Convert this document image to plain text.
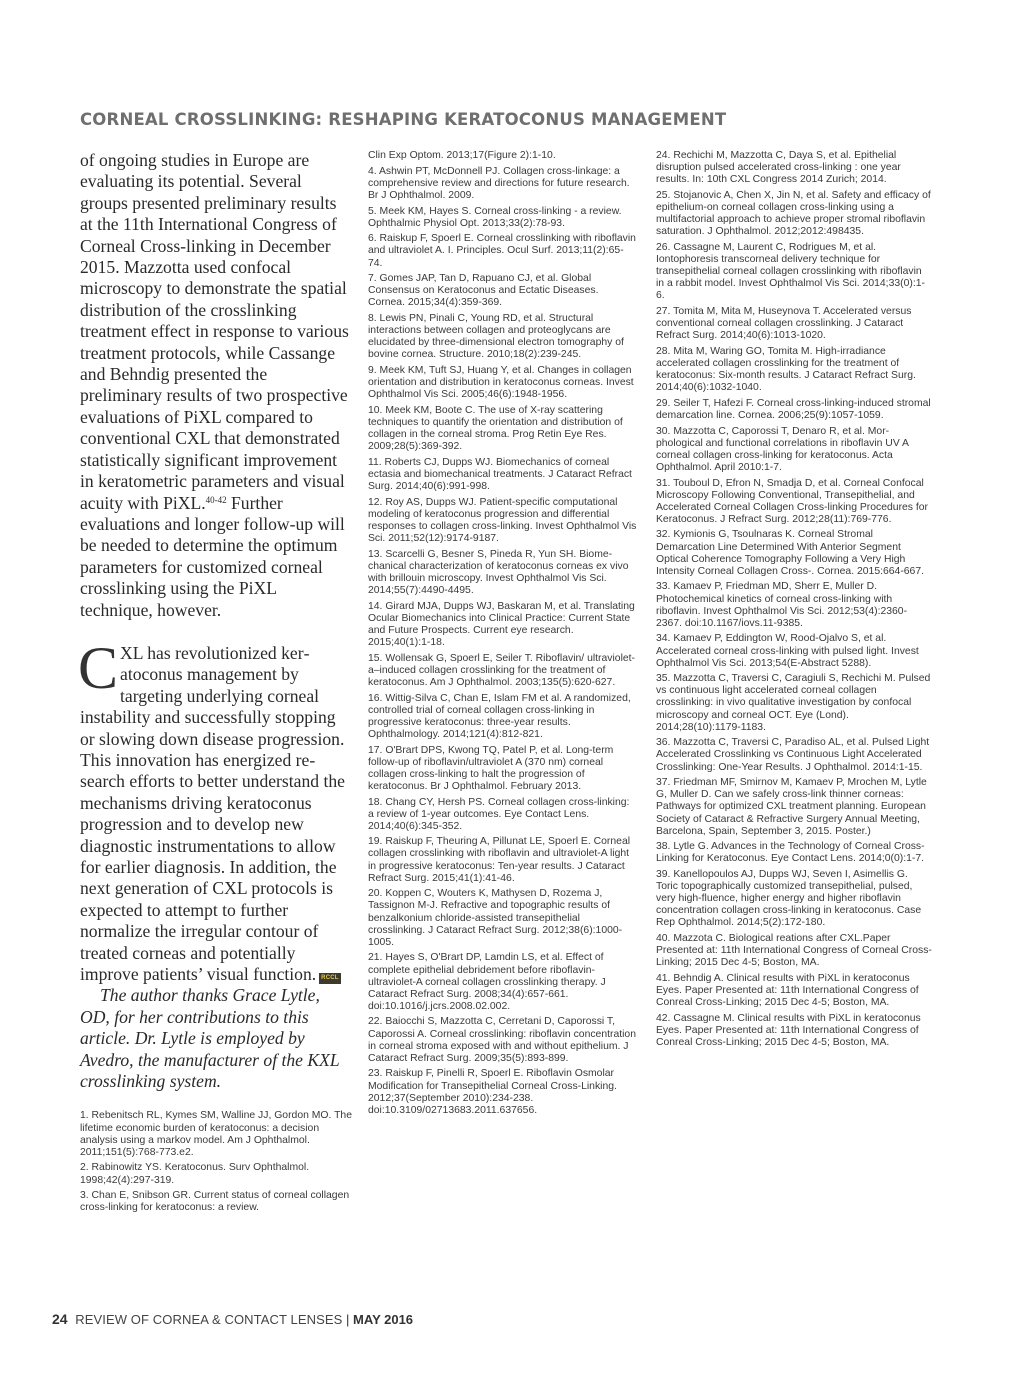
CORNEAL CROSSLINKING: RESHAPING KERATOCONUS MANAGEMENT

of ongoing studies in Europe are evaluating its potential. Several groups presented preliminary results at the 11th International Congress of Corneal Cross-linking in December 2015. Mazzotta used confocal microscopy to demonstrate the spatial distribution of the crosslinking treatment effect in response to various treatment protocols, while Cassange and Behndig presented the preliminary results of two prospective evaluations of PiXL compared to conventional CXL that demonstrated statistically significant improvement in keratometric parameters and visual acuity with PiXL.$^{40-42}$ Further evaluations and longer follow-up will be needed to determine the optimum parameters for customized corneal crosslinking using the PiXL technique, however.

CXL has revolutionized keratoconus management by targeting underlying corneal instability and successfully stopping or slowing down disease progression. This innovation has energized research efforts to better understand the mechanisms driving keratoconus progression and to develop new diagnostic instrumentations to allow for earlier diagnosis. In addition, the next generation of CXL protocols is expected to attempt to further normalize the irregular contour of treated corneas and potentially improve patients’ visual function. RCCL

The author thanks Grace Lytle, OD, for her contributions to this article. Dr. Lytle is employed by Avedro, the manufacturer of the KXL crosslinking system.

1. Rebenitsch RL, Kymes SM, Walline JJ, Gordon MO. The lifetime economic burden of keratoconus: a decision analysis using a markov model. Am J Ophthalmol. 2011;151(5):768-773.e2.

2. Rabinowitz YS. Keratoconus. Surv Ophthalmol. 1998;42(4):297-319.

3. Chan E, Snibson GR. Current status of corneal collagen cross-linking for keratoconus: a review.

Clin Exp Optom. 2013;17(Figure 2):1-10.

4. Ashwin PT, McDonnell PJ. Collagen cross-linkage: a comprehensive review and directions for future research. Br J Ophthalmol. 2009.

5. Meek KM, Hayes S. Corneal cross-linking - a review. Ophthalmic Physiol Opt. 2013;33(2):78-93.

6. Raiskup F, Spoerl E. Corneal crosslinking with riboflavin and ultraviolet A. I. Principles. Ocul Surf. 2013;11(2):65-74.

7. Gomes JAP, Tan D, Rapuano CJ, et al. Global Consensus on Keratoconus and Ectatic Diseases. Cornea. 2015;34(4):359-369.

8. Lewis PN, Pinali C, Young RD, et al. Structural interactions between collagen and proteoglycans are elucidated by three-dimensional electron tomography of bovine cornea. Structure. 2010;18(2):239-245.

9. Meek KM, Tuft SJ, Huang Y, et al. Changes in collagen orientation and distribution in keratoconus corneas. Invest Ophthalmol Vis Sci. 2005;46(6):1948-1956.

10. Meek KM, Boote C. The use of X-ray scattering techniques to quantify the orientation and distribution of collagen in the corneal stroma. Prog Retin Eye Res. 2009;28(5):369-392.

11. Roberts CJ, Dupps WJ. Biomechanics of corneal ectasia and biomechanical treatments. J Cataract Refract Surg. 2014;40(6):991-998.

12. Roy AS, Dupps WJ. Patient-specific computational modeling of keratoconus progression and differential responses to collagen cross-linking. Invest Ophthalmol Vis Sci. 2011;52(12):9174-9187.

13. Scarcelli G, Besner S, Pineda R, Yun SH. Biomechanical characterization of keratoconus corneas ex vivo with brillouin microscopy. Invest Ophthalmol Vis Sci. 2014;55(7):4490-4495.

14. Girard MJA, Dupps WJ, Baskaran M, et al. Translating Ocular Biomechanics into Clinical Practice: Current State and Future Prospects. Current eye research. 2015;40(1):1-18.

15. Wollensak G, Spoerl E, Seiler T. Riboflavin/ ultraviolet-a–induced collagen crosslinking for the treatment of keratoconus. Am J Ophthalmol. 2003;135(5):620-627.

16. Wittig-Silva C, Chan E, Islam FM et al. A randomized, controlled trial of corneal collagen cross-linking in progressive keratoconus: three-year results. Ophthalmology. 2014;121(4):812-821.

17. O'Brart DPS, Kwong TQ, Patel P, et al. Long-term follow-up of riboflavin/ultraviolet A (370 nm) corneal collagen cross-linking to halt the progression of keratoconus. Br J Ophthalmol. February 2013.

18. Chang CY, Hersh PS. Corneal collagen cross-linking: a review of 1-year outcomes. Eye Contact Lens. 2014;40(6):345-352.

19. Raiskup F, Theuring A, Pillunat LE, Spoerl E. Corneal collagen crosslinking with riboflavin and ultraviolet-A light in progressive keratoconus: Ten-year results. J Cataract Refract Surg. 2015;41(1):41-46.

20. Koppen C, Wouters K, Mathysen D, Rozema J, Tassignon M-J. Refractive and topographic results of benzalkonium chloride-assisted transepithelial crosslinking. J Cataract Refract Surg. 2012;38(6):1000-1005.

21. Hayes S, O'Brart DP, Lamdin LS, et al. Effect of complete epithelial debridement before riboflavin-ultraviolet-A corneal collagen crosslinking therapy. J Cataract Refract Surg. 2008;34(4):657-661. doi:10.1016/j.jcrs.2008.02.002.

22. Baiocchi S, Mazzotta C, Cerretani D, Caporossi T, Caporossi A. Corneal crosslinking: riboflavin concentration in corneal stroma exposed with and without epithelium. J Cataract Refract Surg. 2009;35(5):893-899.

23. Raiskup F, Pinelli R, Spoerl E. Riboflavin Osmolar Modification for Transepithelial Corneal Cross-Linking. 2012;37(September 2010):234-238. doi:10.3109/02713683.2011.637656.

24. Rechichi M, Mazzotta C, Daya S, et al. Epithelial disruption pulsed accelerated cross-linking : one year results. In: 10th CXL Congress 2014 Zurich; 2014.

25. Stojanovic A, Chen X, Jin N, et al. Safety and efficacy of epithelium-on corneal collagen cross-linking using a multifactorial approach to achieve proper stromal riboflavin saturation. J Ophthalmol. 2012;2012:498435.

26. Cassagne M, Laurent C, Rodrigues M, et al. Iontophoresis transcorneal delivery technique for transepithelial corneal collagen crosslinking with riboflavin in a rabbit model. Invest Ophthalmol Vis Sci. 2014;33(0):1-6.

27. Tomita M, Mita M, Huseynova T. Accelerated versus conventional corneal collagen crosslinking. J Cataract Refract Surg. 2014;40(6):1013-1020.

28. Mita M, Waring GO, Tomita M. High-irradiance accelerated collagen crosslinking for the treatment of keratoconus: Six-month results. J Cataract Refract Surg. 2014;40(6):1032-1040.

29. Seiler T, Hafezi F. Corneal cross-linking-induced stromal demarcation line. Cornea. 2006;25(9):1057-1059.

30. Mazzotta C, Caporossi T, Denaro R, et al. Morphological and functional correlations in riboflavin UV A corneal collagen cross-linking for keratoconus. Acta Ophthalmol. April 2010:1-7.

31. Touboul D, Efron N, Smadja D, et al. Corneal Confocal Microscopy Following Conventional, Transepithelial, and Accelerated Corneal Collagen Cross-linking Procedures for Keratoconus. J Refract Surg. 2012;28(11):769-776.

32. Kymionis G, Tsoulnaras K. Corneal Stromal Demarcation Line Determined With Anterior Segment Optical Coherence Tomography Following a Very High Intensity Corneal Collagen Cross-. Cornea. 2015:664-667.

33. Kamaev P, Friedman MD, Sherr E, Muller D. Photochemical kinetics of corneal cross-linking with riboflavin. Invest Ophthalmol Vis Sci. 2012;53(4):2360-2367. doi:10.1167/iovs.11-9385.

34. Kamaev P, Eddington W, Rood-Ojalvo S, et al. Accelerated corneal cross-linking with pulsed light. Invest Ophthalmol Vis Sci. 2013;54(E-Abstract 5288).

35. Mazzotta C, Traversi C, Caragiuli S, Rechichi M. Pulsed vs continuous light accelerated corneal collagen crosslinking: in vivo qualitative investigation by confocal microscopy and corneal OCT. Eye (Lond). 2014;28(10):1179-1183.

36. Mazzotta C, Traversi C, Paradiso AL, et al. Pulsed Light Accelerated Crosslinking vs Continuous Light Accelerated Crosslinking: One-Year Results. J Ophthalmol. 2014:1-15.

37. Friedman MF, Smirnov M, Kamaev P, Mrochen M, Lytle G, Muller D. Can we safely cross-link thinner corneas: Pathways for optimized CXL treatment planning. European Society of Cataract & Refractive Surgery Annual Meeting, Barcelona, Spain, September 3, 2015. Poster.)

38. Lytle G. Advances in the Technology of Corneal Cross-Linking for Keratoconus. Eye Contact Lens. 2014;0(0):1-7.

39. Kanellopoulos AJ, Dupps WJ, Seven I, Asimellis G. Toric topographically customized transepithelial, pulsed, very high-fluence, higher energy and higher riboflavin concentration collagen cross-linking in keratoconus. Case Rep Ophthalmol. 2014;5(2):172-180.

40. Mazzota C. Biological reations after CXL.Paper Presented at: 11th International Congress of Corneal Cross-Linking; 2015 Dec 4-5; Boston, MA.

41. Behndig A. Clinical results with PiXL in keratoconus Eyes. Paper Presented at: 11th International Congress of Conreal Cross-Linking; 2015 Dec 4-5; Boston, MA.

42. Cassagne M. Clinical results with PiXL in keratoconus Eyes. Paper Presented at: 11th International Congress of Conreal Cross-Linking; 2015 Dec 4-5; Boston, MA.

24 REVIEW OF CORNEA & CONTACT LENSES | MAY 2016
